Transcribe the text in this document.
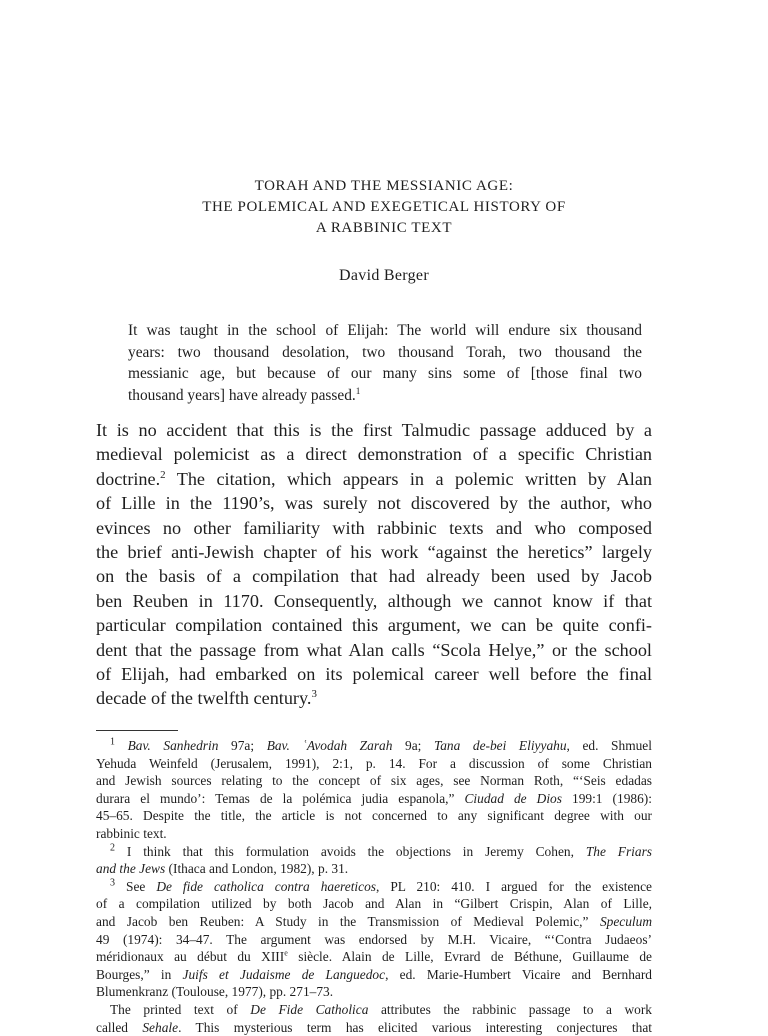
TORAH AND THE MESSIANIC AGE:
THE POLEMICAL AND EXEGETICAL HISTORY OF
A RABBINIC TEXT
David Berger
It was taught in the school of Elijah: The world will endure six thousand
years: two thousand desolation, two thousand Torah, two thousand the
messianic age, but because of our many sins some of [those final two
thousand years] have already passed.$^1$
It is no accident that this is the first Talmudic passage adduced by a
medieval polemicist as a direct demonstration of a specific Christian
doctrine.$^2$ The citation, which appears in a polemic written by Alan
of Lille in the 1190’s, was surely not discovered by the author, who
evinces no other familiarity with rabbinic texts and who composed
the brief anti-Jewish chapter of his work “against the heretics” largely
on the basis of a compilation that had already been used by Jacob
ben Reuben in 1170. Consequently, although we cannot know if that
particular compilation contained this argument, we can be quite confi-
dent that the passage from what Alan calls “Scola Helye,” or the school
of Elijah, had embarked on its polemical career well before the final
decade of the twelfth century.$^3$
$^1$ Bav. Sanhedrin 97a; Bav. ʿAvodah Zarah 9a; Tana de-bei Eliyyahu, ed. Shmuel
Yehuda Weinfeld (Jerusalem, 1991), 2:1, p. 14. For a discussion of some Christian
and Jewish sources relating to the concept of six ages, see Norman Roth, “‘Seis edadas
durara el mundo’: Temas de la polémica judia espanola,” Ciudad de Dios 199:1 (1986):
45–65. Despite the title, the article is not concerned to any significant degree with our
rabbinic text.
$^2$ I think that this formulation avoids the objections in Jeremy Cohen, The Friars
and the Jews (Ithaca and London, 1982), p. 31.
$^3$ See De fide catholica contra haereticos, PL 210: 410. I argued for the existence
of a compilation utilized by both Jacob and Alan in “Gilbert Crispin, Alan of Lille,
and Jacob ben Reuben: A Study in the Transmission of Medieval Polemic,” Speculum
49 (1974): 34–47. The argument was endorsed by M.H. Vicaire, “‘Contra Judaeos’
méridionaux au début du XIIIe siècle. Alain de Lille, Evrard de Béthune, Guillaume de
Bourges,” in Juifs et Judaisme de Languedoc, ed. Marie-Humbert Vicaire and Bernhard
Blumenkranz (Toulouse, 1977), pp. 271–73.
The printed text of De Fide Catholica attributes the rabbinic passage to a work
called Sehale. This mysterious term has elicited various interesting conjectures that
